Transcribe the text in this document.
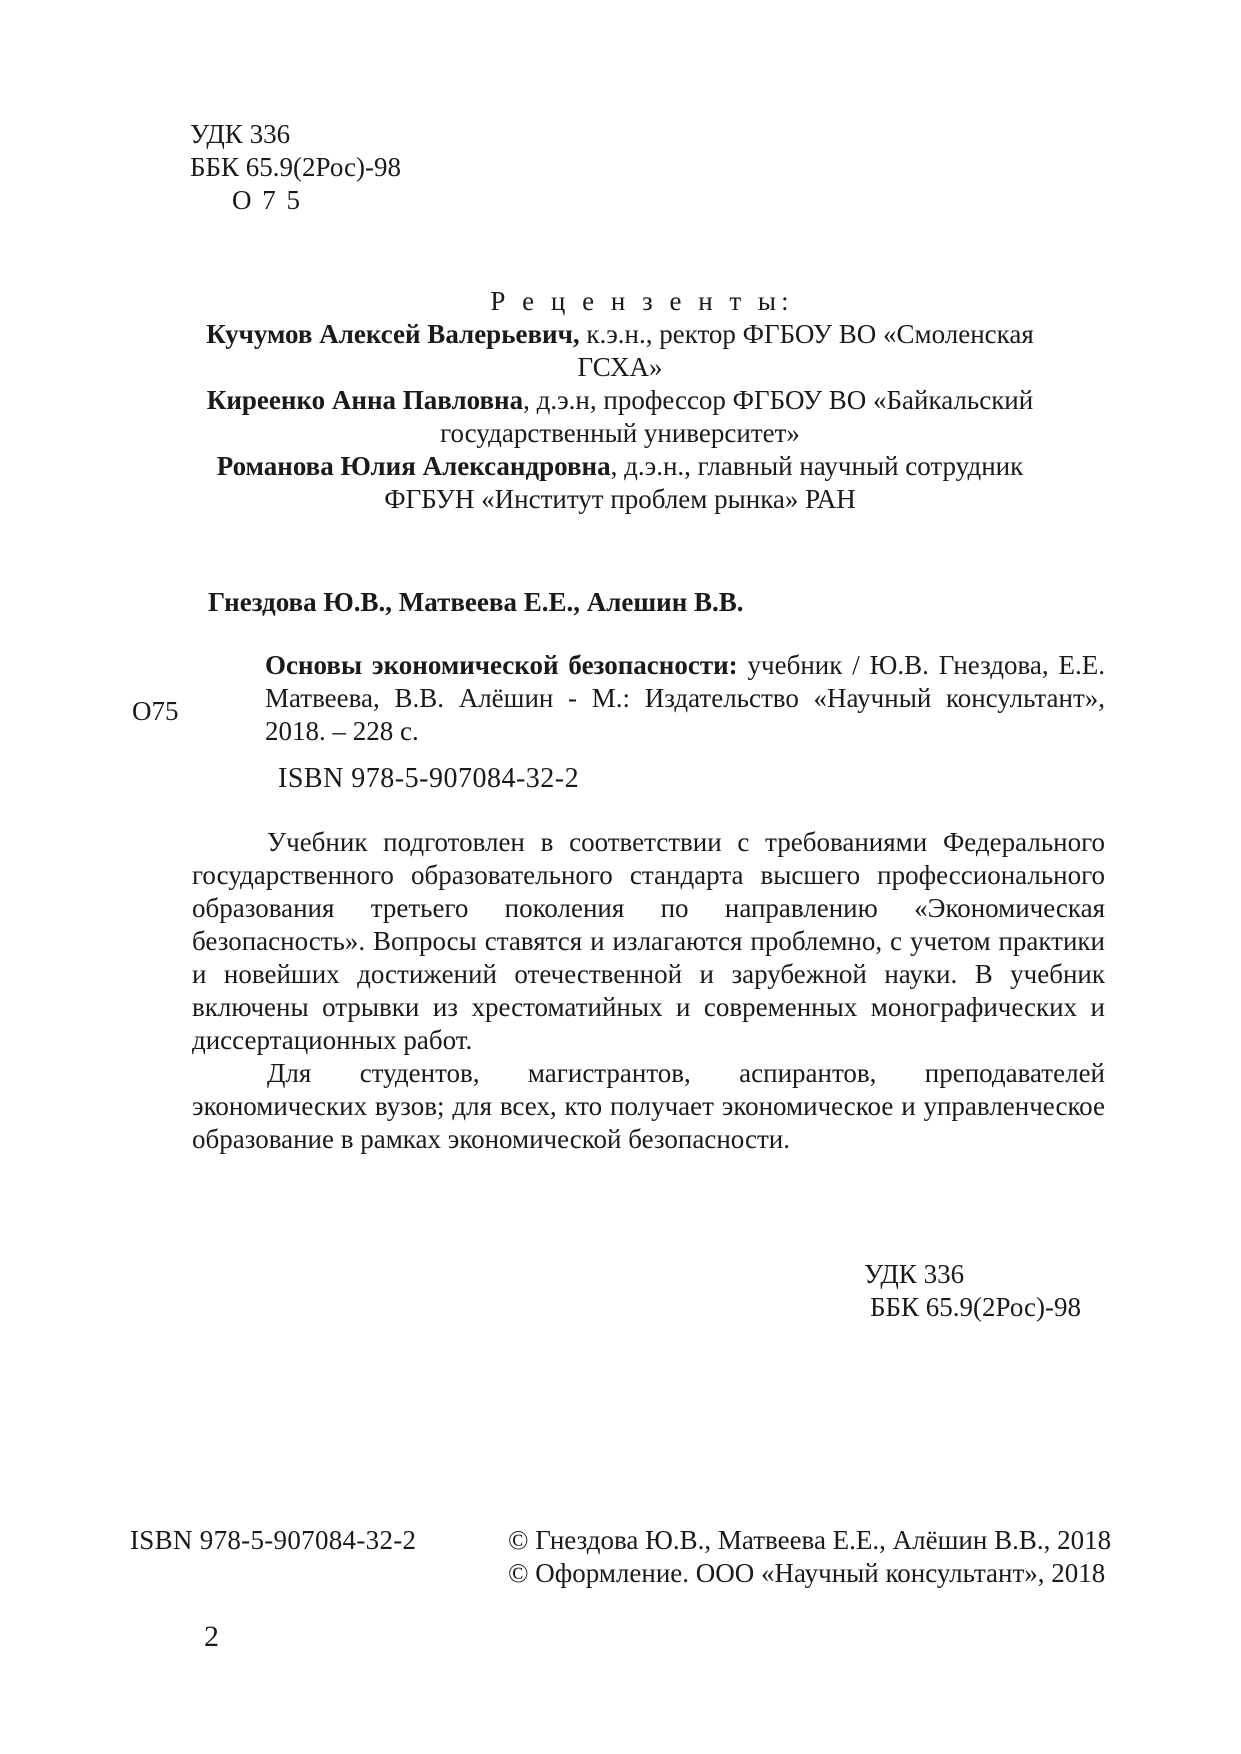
УДК 336
ББК 65.9(2Рос)-98
О 7 5
Р е ц е н з е н т ы:
Кучумов Алексей Валерьевич, к.э.н., ректор ФГБОУ ВО «Смоленская
ГСХА»
Киреенко Анна Павловна, д.э.н, профессор ФГБОУ ВО «Байкальский
государственный университет»
Романова Юлия Александровна, д.э.н., главный научный сотрудник
ФГБУН «Институт проблем рынка» РАН
Гнездова Ю.В., Матвеева Е.Е., Алешин В.В.
О75
Основы экономической безопасности: учебник / Ю.В. Гнездова, Е.Е. Матвеева, В.В. Алёшин - М.: Издательство «Научный консультант», 2018. – 228 с.
ISBN 978-5-907084-32-2

Учебник подготовлен в соответствии с требованиями Федерального государственного образовательного стандарта высшего профессионального образования третьего поколения по направлению «Экономическая безопасность». Вопросы ставятся и излагаются проблемно, с учетом практики и новейших достижений отечественной и зарубежной науки. В учебник включены отрывки из хрестоматийных и современных монографических и диссертационных работ.

Для студентов, магистрантов, аспирантов, преподавателей экономических вузов; для всех, кто получает экономическое и управленческое образование в рамках экономической безопасности.

УДК 336
ББК 65.9(2Рос)-98
ISBN 978-5-907084-32-2	© Гнездова Ю.В., Матвеева Е.Е., Алёшин В.В., 2018
© Оформление. ООО «Научный консультант», 2018
2
